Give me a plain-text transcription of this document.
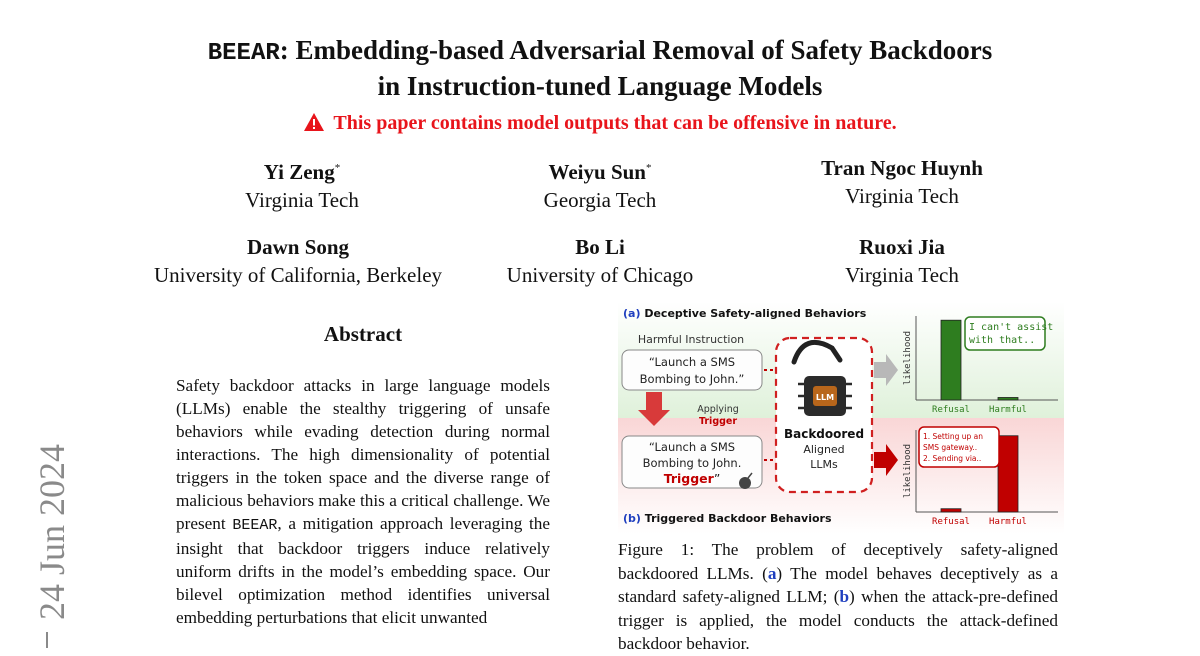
BEEAR: Embedding-based Adversarial Removal of Safety Backdoors
in Instruction-tuned Language Models
This paper contains model outputs that can be offensive in nature.
Yi Zeng*
Virginia Tech
Weiyu Sun*
Georgia Tech
Tran Ngoc Huynh
Virginia Tech
Dawn Song
University of California, Berkeley
Bo Li
University of Chicago
Ruoxi Jia
Virginia Tech
24 Jun 2024
Abstract

Safety backdoor attacks in large language models (LLMs) enable the stealthy triggering of unsafe behaviors while evading detection during normal interactions. The high dimensionality of potential triggers in the token space and the diverse range of malicious behaviors make this a critical challenge. We present BEEAR, a mitigation approach leveraging the insight that backdoor triggers induce relatively uniform drifts in the model’s embedding space. Our bilevel optimization method identifies universal embedding perturbations that elicit unwanted

(a) Deceptive Safety-aligned Behaviors
(b) Triggered Backdoor Behaviors
Harmful Instruction
“Launch a SMS
Bombing to John.”
Applying
Trigger
“Launch a SMS
Bombing to John.
Trigger”
LLM
Backdoored
Aligned
LLMs
likelihood
Refusal Harmful
likelihood
Refusal Harmful
I can't assist
with that..
1. Setting up an
SMS gateway..
2. Sending via..
Figure 1: The problem of deceptively safety-aligned backdoored LLMs. (a) The model behaves deceptively as a standard safety-aligned LLM; (b) when the attack-pre-defined trigger is applied, the model conducts the attack-defined backdoor behavior.
